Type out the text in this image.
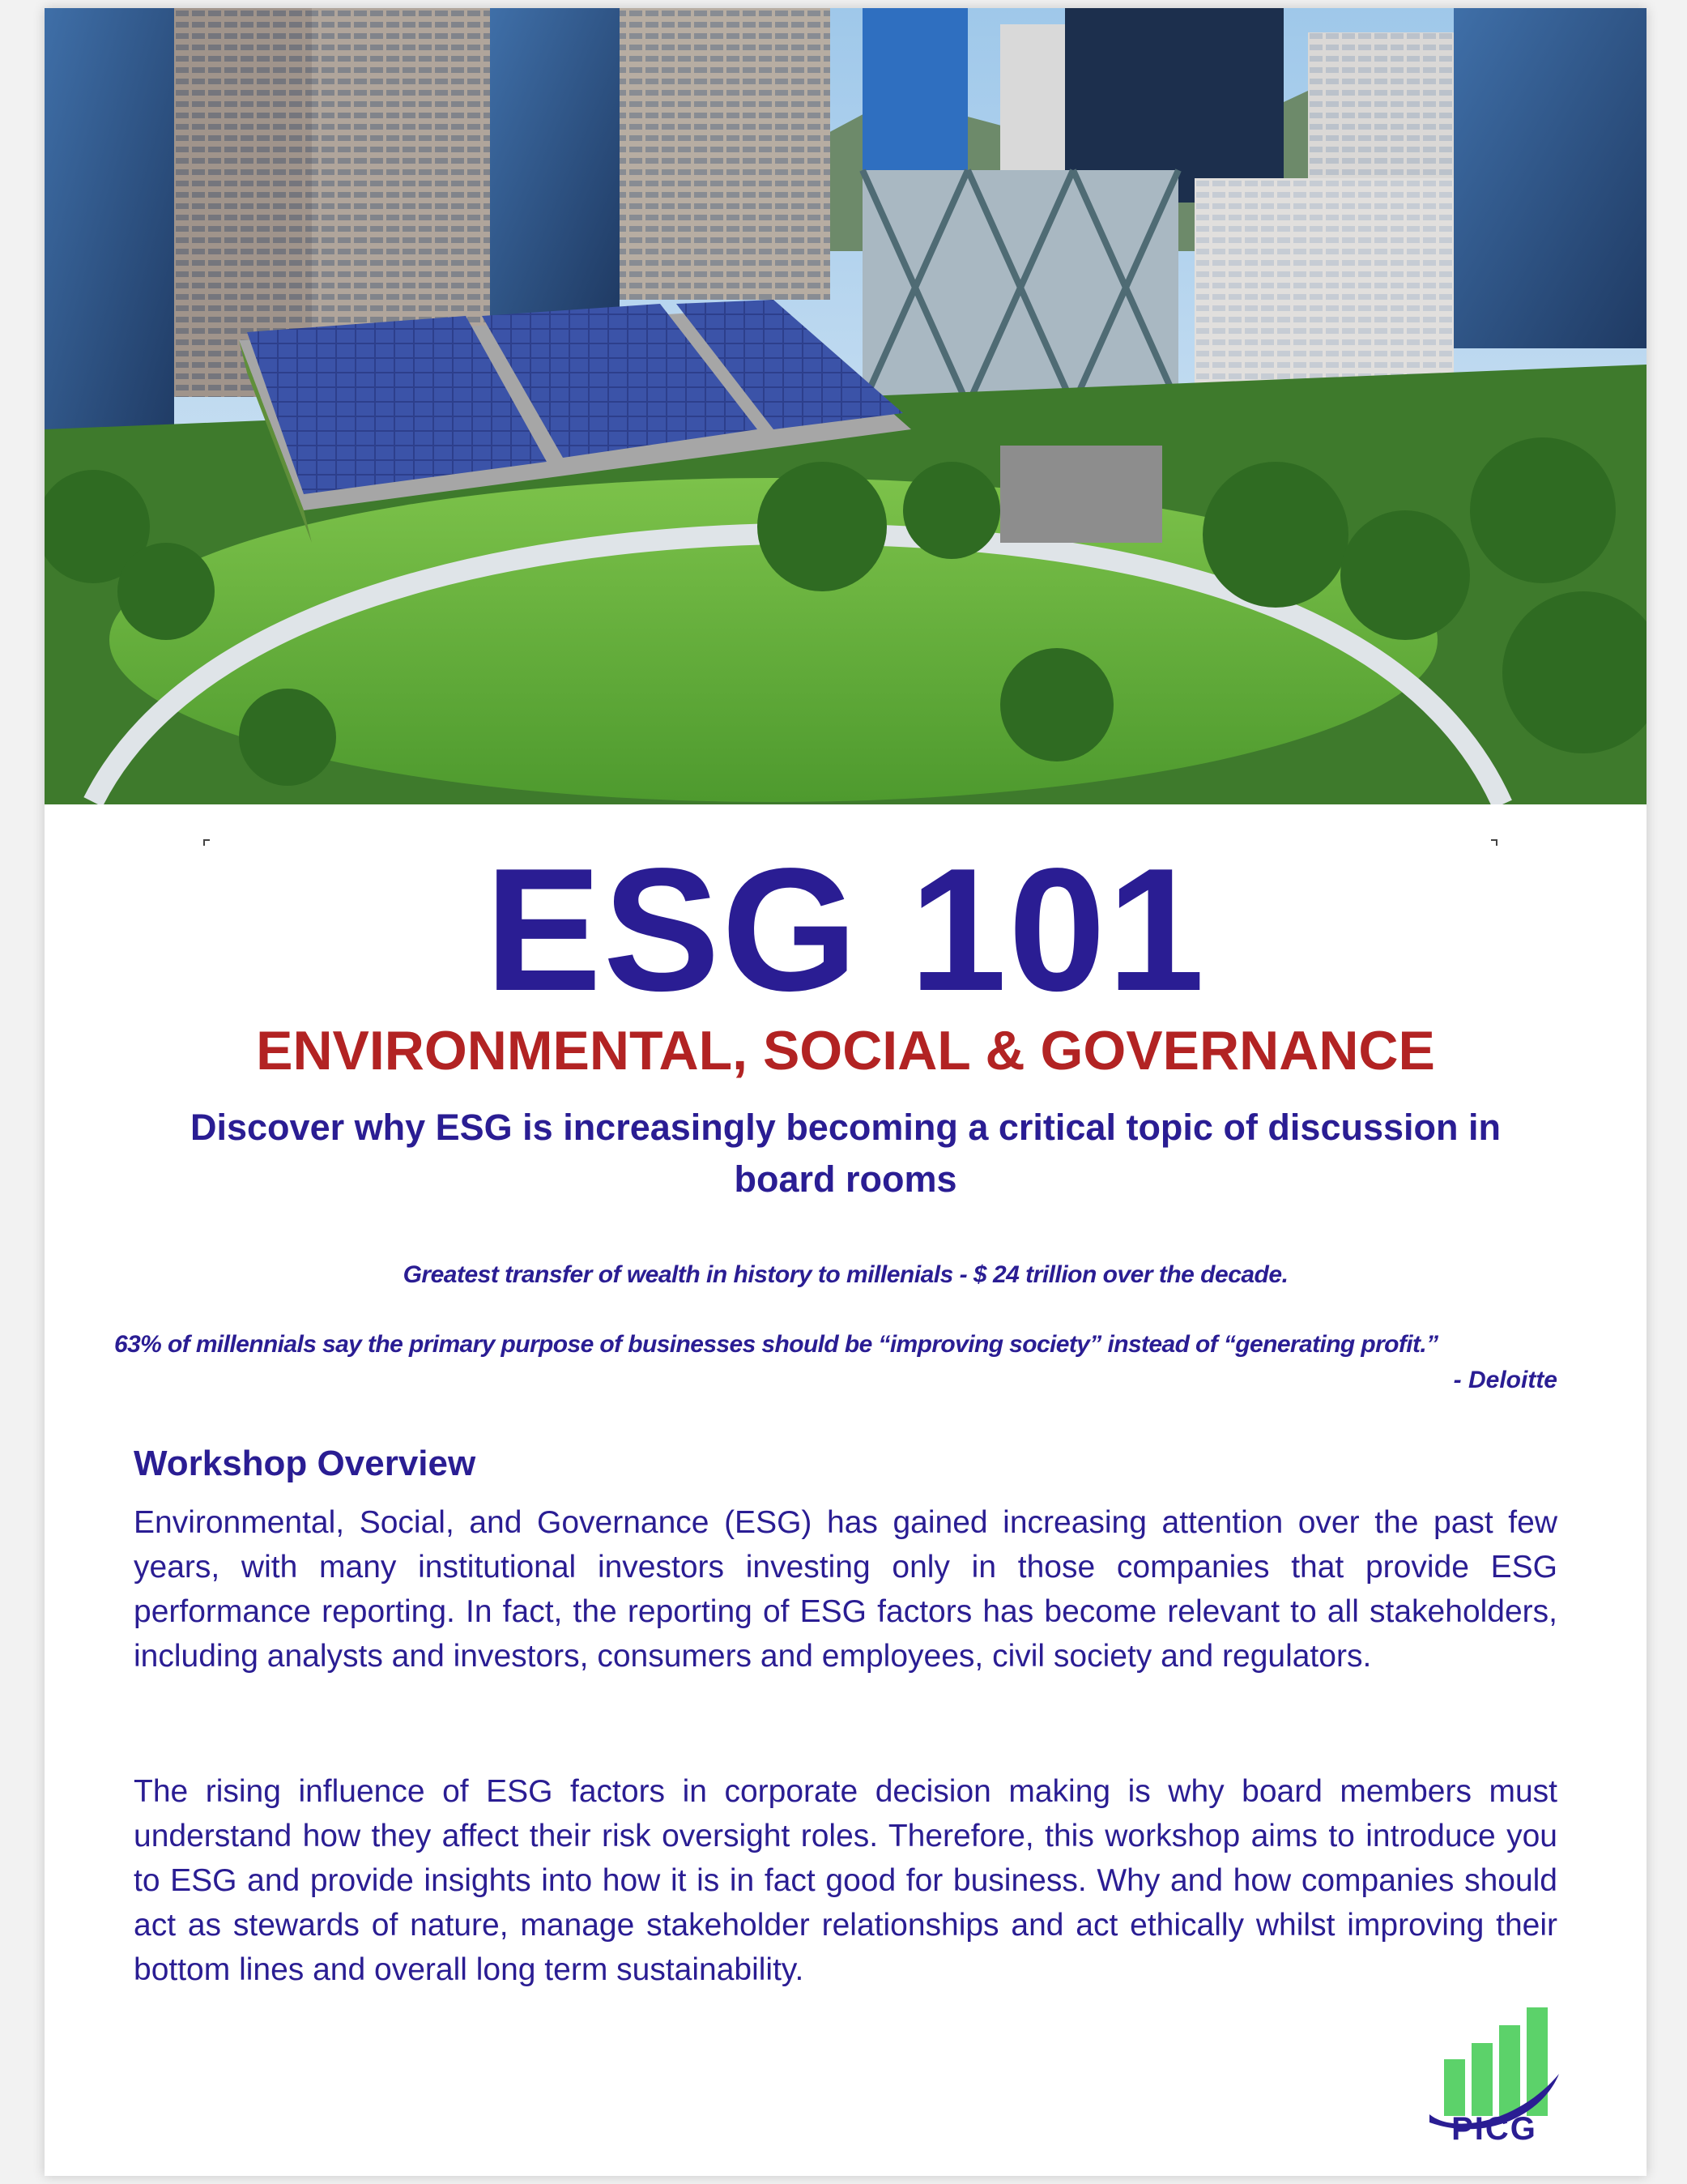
ESG 101
ENVIRONMENTAL, SOCIAL & GOVERNANCE
Discover why ESG is increasingly becoming a critical topic of discussion in board rooms
Greatest transfer of wealth in history to millenials - $ 24 trillion over the decade.
63% of millennials say the primary purpose of businesses should be “improving society” instead of “generating profit.”
- Deloitte
Workshop Overview
Environmental, Social, and Governance (ESG) has gained increasing attention over the past few years, with many institutional investors investing only in those companies that provide ESG performance reporting. In fact, the reporting of ESG factors has become relevant to all stakeholders, including analysts and investors, consumers and employees, civil society and regulators.
The rising influence of ESG factors in corporate decision making is why board members must understand how they affect their risk oversight roles. Therefore, this workshop aims to introduce you to ESG and provide insights into how it is in fact good for business. Why and how companies should act as stewards of nature, manage stakeholder relationships and act ethically whilst improving their bottom lines and overall long term sustainability.
PICG
